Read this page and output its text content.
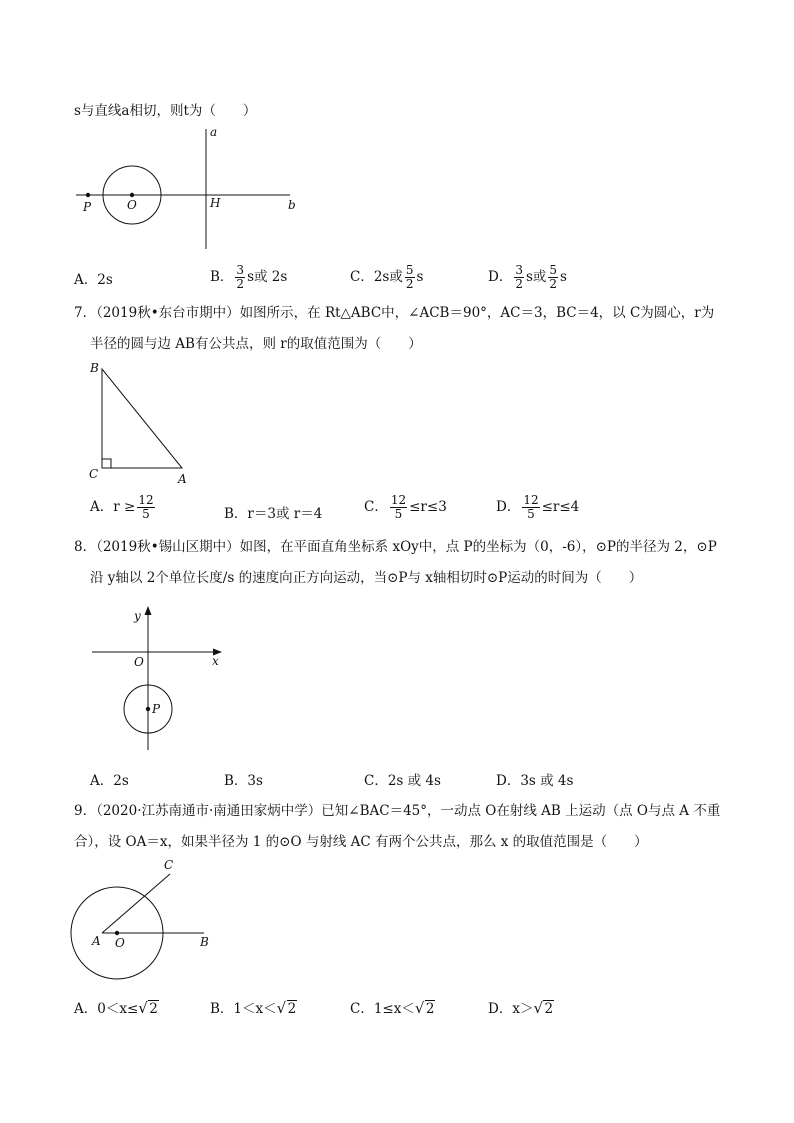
s与直线a相切，则t为（　　）
a
b
P	O	H
A．2s	B． $\frac{3}{2}$ s或 2s	C．2s或 $\frac{5}{2}$ s	D． $\frac{3}{2}$ s或 $\frac{5}{2}$ s
7．（2019秋•东台市期中）如图所示，在 Rt△ABC中，∠ACB＝90°，AC＝3，BC＝4，以 C为圆心，r为
半径的圆与边 AB有公共点，则 r的取值范围为（　　）
B
C	A
A．$r \ge \frac{12}{5}$	B．r＝3或 r＝4	C． $\frac{12}{5} \le r\le 3$	D． $\frac{12}{5} \le r\le 4$
8．（2019秋•锡山区期中）如图，在平面直角坐标系 xOy中，点 P的坐标为（0，-6），⊙P的半径为 2，⊙P
沿 y轴以 2个单位长度/s 的速度向正方向运动，当⊙P与 x轴相切时⊙P运动的时间为（　　）
y
O	x
P
A．2s	B．3s	C．2s 或 4s	D．3s 或 4s
9．（2020·江苏南通市·南通田家炳中学）已知∠BAC＝45°，一动点 O在射线 AB 上运动（点 O与点 A 不重
合），设 OA＝x，如果半径为 1 的⊙O 与射线 AC 有两个公共点，那么 x 的取值范围是（　　）
C
A O	B
A．0＜x≤ √ 2	B．1＜x＜ √ 2	C．1≤x＜ √ 2	D．x＞ √ 2
